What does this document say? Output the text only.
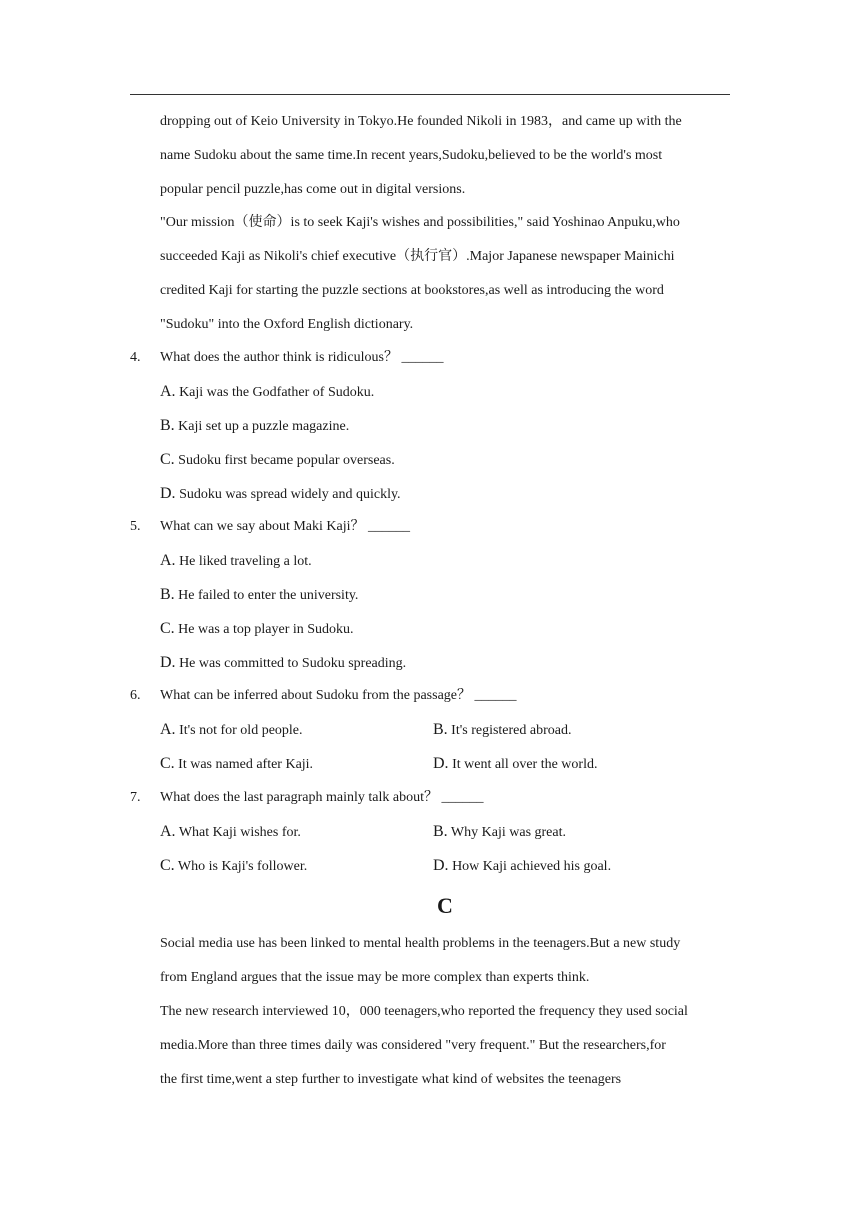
dropping out of Keio University in Tokyo.He founded Nikoli in 1983，and came up with the
name Sudoku about the same time.In recent years,Sudoku,believed to be the world's most
popular pencil puzzle,has come out in digital versions.
"Our mission（使命）is to seek Kaji's wishes and possibilities," said Yoshinao Anpuku,who
succeeded Kaji as Nikoli's chief executive（执行官）.Major Japanese newspaper Mainichi
credited Kaji for starting the puzzle sections at bookstores,as well as introducing the word
"Sudoku" into the Oxford English dictionary.
4. What does the author think is ridiculous？ ______
A. Kaji was the Godfather of Sudoku.
B. Kaji set up a puzzle magazine.
C. Sudoku first became popular overseas.
D. Sudoku was spread widely and quickly.
5. What can we say about Maki Kaji？ ______
A. He liked traveling a lot.
B. He failed to enter the university.
C. He was a top player in Sudoku.
D. He was committed to Sudoku spreading.
6. What can be inferred about Sudoku from the passage？ ______
A. It's not for old people.	B. It's registered abroad.
C. It was named after Kaji.	D. It went all over the world.
7. What does the last paragraph mainly talk about？ ______
A. What Kaji wishes for.	B. Why Kaji was great.
C. Who is Kaji's follower.	D. How Kaji achieved his goal.
C
Social media use has been linked to mental health problems in the teenagers.But a new study
from England argues that the issue may be more complex than experts think.
The new research interviewed 10，000 teenagers,who reported the frequency they used social
media.More than three times daily was considered "very frequent." But the researchers,for
the first time,went a step further to investigate what kind of websites the teenagers
